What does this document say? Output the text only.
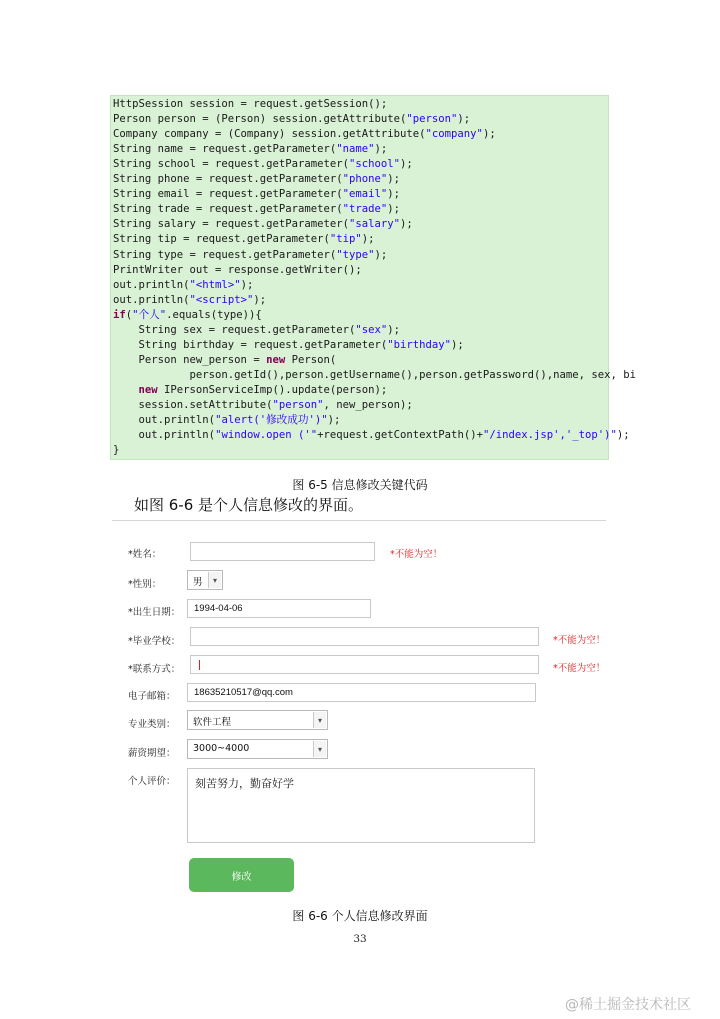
HttpSession session = request.getSession();
Person person = (Person) session.getAttribute("person");
Company company = (Company) session.getAttribute("company");
String name = request.getParameter("name");
String school = request.getParameter("school");
String phone = request.getParameter("phone");
String email = request.getParameter("email");
String trade = request.getParameter("trade");
String salary = request.getParameter("salary");
String tip = request.getParameter("tip");
String type = request.getParameter("type");
PrintWriter out = response.getWriter();
out.println("<html>");
out.println("<script>");
if("个人".equals(type)){
String sex = request.getParameter("sex");
String birthday = request.getParameter("birthday");
Person new_person = new Person(
person.getId(),person.getUsername(),person.getPassword(),name, sex, bi
new IPersonServiceImp().update(person);
session.setAttribute("person", new_person);
out.println("alert('修改成功')");
out.println("window.open ('"+request.getContextPath()+"/index.jsp','_top')");
}
图 6-5 信息修改关键代码
如图 6-6 是个人信息修改的界面。
*姓名：	*不能为空！
*性别：	男	▾
*出生日期：	1994-04-06
*毕业学校：	*不能为空！
*联系方式：	*不能为空！
电子邮箱：	18635210517@qq.com
专业类别：	软件工程	▾
薪资期望：	3000~4000	▾
个人评价：	刻苦努力，勤奋好学
修改
图 6-6 个人信息修改界面
33
@稀土掘金技术社区
